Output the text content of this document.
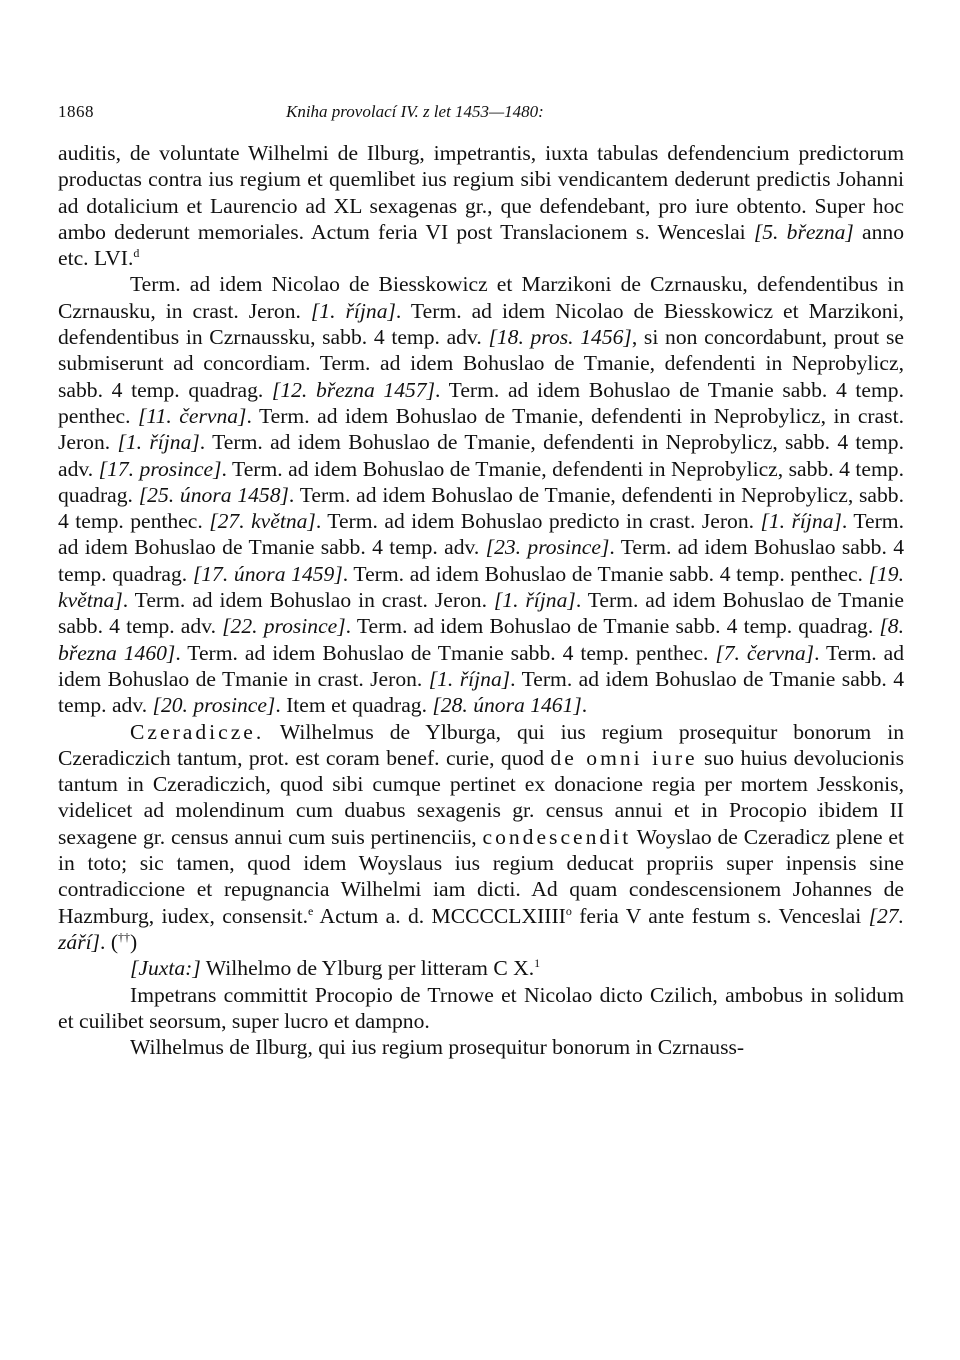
1868	Kniha provolací IV. z let 1453—1480:

auditis, de voluntate Wilhelmi de Ilburg, impetrantis, iuxta tabulas defendencium predictorum productas contra ius regium et quemlibet ius regium sibi vendicantem dederunt predictis Johanni ad dotalicium et Laurencio ad XL sexagenas gr., que defendebant, pro iure obtento. Super hoc ambo dederunt memoriales. Actum feria VI post Translacionem s. Wenceslai [5. března] anno etc. LVI.$^d$

Term. ad idem Nicolao de Biesskowicz et Marzikoni de Czrnausku, defendentibus in Czrnausku, in crast. Jeron. [1. října]. Term. ad idem Nicolao de Biesskowicz et Marzikoni, defendentibus in Czrnaussku, sabb. 4 temp. adv. [18. pros. 1456], si non concordabunt, prout se submiserunt ad concordiam. Term. ad idem Bohuslao de Tmanie, defendenti in Neprobylicz, sabb. 4 temp. quadrag. [12. března 1457]. Term. ad idem Bohuslao de Tmanie sabb. 4 temp. penthec. [11. června]. Term. ad idem Bohuslao de Tmanie, defendenti in Neprobylicz, in crast. Jeron. [1. října]. Term. ad idem Bohuslao de Tmanie, defendenti in Neprobylicz, sabb. 4 temp. adv. [17. prosince]. Term. ad idem Bohuslao de Tmanie, defendenti in Neprobylicz, sabb. 4 temp. quadrag. [25. února 1458]. Term. ad idem Bohuslao de Tmanie, defendenti in Neprobylicz, sabb. 4 temp. penthec. [27. května]. Term. ad idem Bohuslao predicto in crast. Jeron. [1. října]. Term. ad idem Bohuslao de Tmanie sabb. 4 temp. adv. [23. prosince]. Term. ad idem Bohuslao sabb. 4 temp. quadrag. [17. února 1459]. Term. ad idem Bohuslao de Tmanie sabb. 4 temp. penthec. [19. května]. Term. ad idem Bohuslao in crast. Jeron. [1. října]. Term. ad idem Bohuslao de Tmanie sabb. 4 temp. adv. [22. prosince]. Term. ad idem Bohuslao de Tmanie sabb. 4 temp. quadrag. [8. března 1460]. Term. ad idem Bohuslao de Tmanie sabb. 4 temp. penthec. [7. června]. Term. ad idem Bohuslao de Tmanie in crast. Jeron. [1. října]. Term. ad idem Bohuslao de Tmanie sabb. 4 temp. adv. [20. prosince]. Item et quadrag. [28. února 1461].

Czeradicze. Wilhelmus de Ylburga, qui ius regium prosequitur bonorum in Czeradiczich tantum, prot. est coram benef. curie, quod de omni iure suo huius devolucionis tantum in Czeradiczich, quod sibi cumque pertinet ex donacione regia per mortem Jesskonis, videlicet ad molendinum cum duabus sexagenis gr. census annui et in Procopio ibidem II sexagene gr. census annui cum suis pertinenciis, condescendit Woyslao de Czeradicz plene et in toto; sic tamen, quod idem Woyslaus ius regium deducat propriis super inpensis sine contradiccione et repugnancia Wilhelmi iam dicti. Ad quam condescensionem Johannes de Hazmburg, iudex, consensit.$^e$ Actum a. d. MCCCCLXIIII$^o$ feria V ante festum s. Venceslai [27. září]. (††)

[Juxta:] Wilhelmo de Ylburg per litteram C X.$^1$

Impetrans committit Procopio de Trnowe et Nicolao dicto Czilich, ambobus in solidum et cuilibet seorsum, super lucro et dampno.

Wilhelmus de Ilburg, qui ius regium prosequitur bonorum in Czrnauss-
